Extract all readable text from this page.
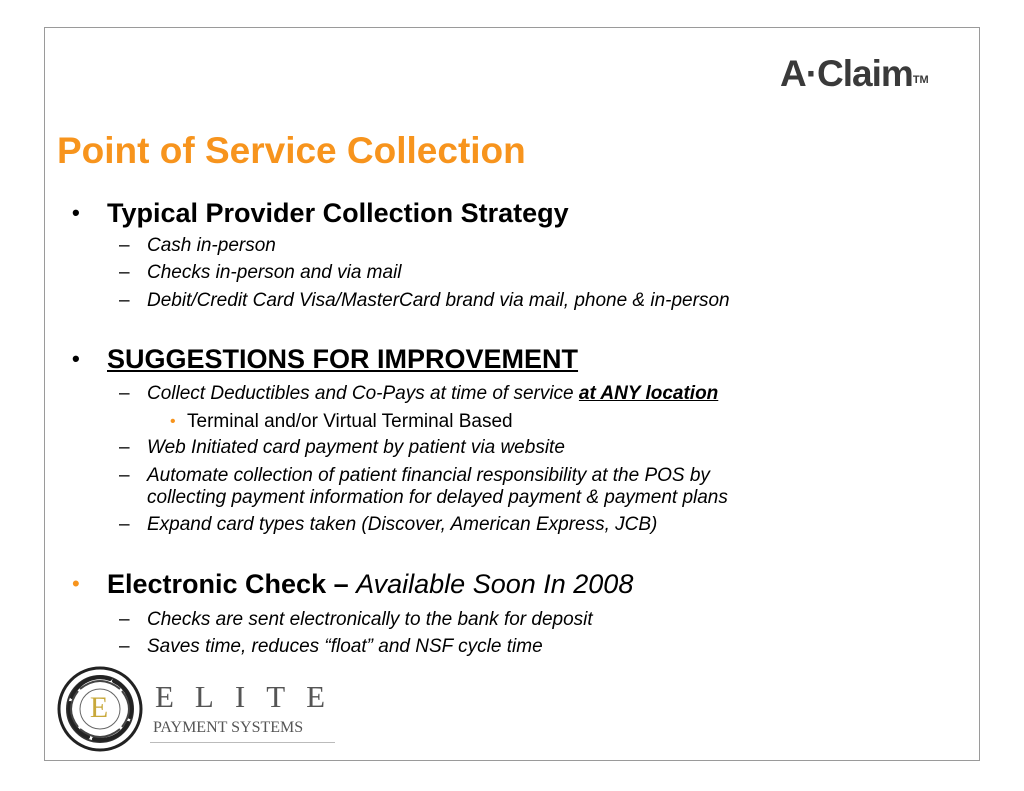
A·Claim™
Point of Service Collection
• Typical Provider Collection Strategy
– Cash in-person
– Checks in-person and via mail
– Debit/Credit Card Visa/MasterCard brand via mail, phone & in-person
• SUGGESTIONS FOR IMPROVEMENT
– Collect Deductibles and Co-Pays at time of service at ANY location
• Terminal and/or Virtual Terminal Based
– Web Initiated card payment by patient via website
– Automate collection of patient financial responsibility at the POS by
collecting payment information for delayed payment & payment plans
– Expand card types taken (Discover, American Express, JCB)
• Electronic Check – Available Soon In 2008
– Checks are sent electronically to the bank for deposit
– Saves time, reduces “float” and NSF cycle time
E ELITE
PAYMENT SYSTEMS
